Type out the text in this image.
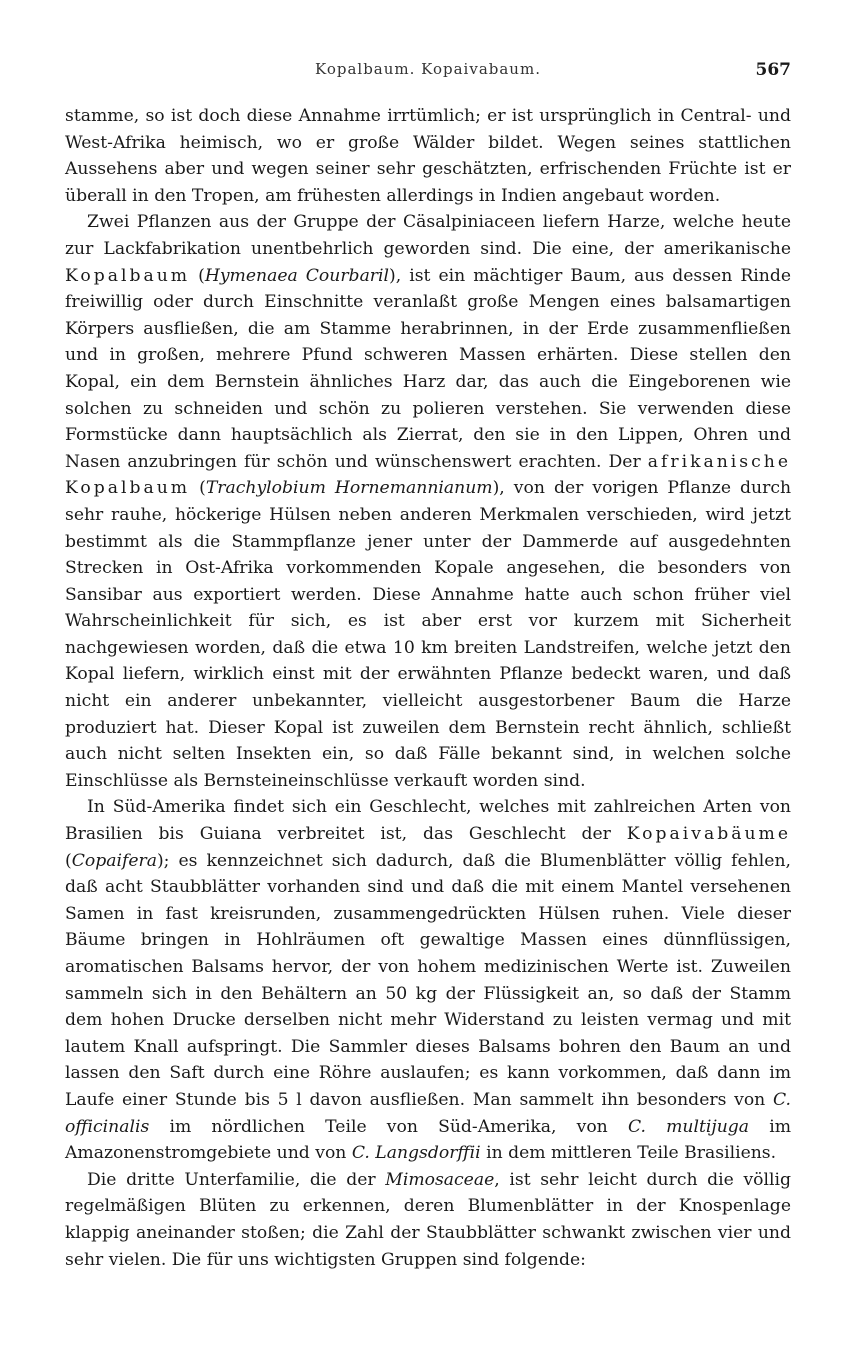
Kopalbaum. Kopaivabaum.	567

stamme, so ist doch diese Annahme irrtümlich; er ist ursprünglich in Central- und West-Afrika heimisch, wo er große Wälder bildet. Wegen seines stattlichen Aussehens aber und wegen seiner sehr geschätzten, erfrischenden Früchte ist er überall in den Tropen, am frühesten allerdings in Indien angebaut worden.

Zwei Pflanzen aus der Gruppe der Cäsalpiniaceen liefern Harze, welche heute zur Lackfabrikation unentbehrlich geworden sind. Die eine, der amerikanische Kopalbaum (Hymenaea Courbaril), ist ein mächtiger Baum, aus dessen Rinde freiwillig oder durch Einschnitte veranlaßt große Mengen eines balsamartigen Körpers ausfließen, die am Stamme herabrinnen, in der Erde zusammenfließen und in großen, mehrere Pfund schweren Massen erhärten. Diese stellen den Kopal, ein dem Bernstein ähnliches Harz dar, das auch die Eingeborenen wie solchen zu schneiden und schön zu polieren verstehen. Sie verwenden diese Formstücke dann hauptsächlich als Zierrat, den sie in den Lippen, Ohren und Nasen anzubringen für schön und wünschenswert erachten. Der afrikanische Kopalbaum (Trachylobium Hornemannianum), von der vorigen Pflanze durch sehr rauhe, höckerige Hülsen neben anderen Merkmalen verschieden, wird jetzt bestimmt als die Stammpflanze jener unter der Dammerde auf ausgedehnten Strecken in Ost-Afrika vorkommenden Kopale angesehen, die besonders von Sansibar aus exportiert werden. Diese Annahme hatte auch schon früher viel Wahrscheinlichkeit für sich, es ist aber erst vor kurzem mit Sicherheit nachgewiesen worden, daß die etwa 10 km breiten Landstreifen, welche jetzt den Kopal liefern, wirklich einst mit der erwähnten Pflanze bedeckt waren, und daß nicht ein anderer unbekannter, vielleicht ausgestorbener Baum die Harze produziert hat. Dieser Kopal ist zuweilen dem Bernstein recht ähnlich, schließt auch nicht selten Insekten ein, so daß Fälle bekannt sind, in welchen solche Einschlüsse als Bernsteineinschlüsse verkauft worden sind.

In Süd-Amerika findet sich ein Geschlecht, welches mit zahlreichen Arten von Brasilien bis Guiana verbreitet ist, das Geschlecht der Kopaivabäume (Copaifera); es kennzeichnet sich dadurch, daß die Blumenblätter völlig fehlen, daß acht Staubblätter vorhanden sind und daß die mit einem Mantel versehenen Samen in fast kreisrunden, zusammengedrückten Hülsen ruhen. Viele dieser Bäume bringen in Hohlräumen oft gewaltige Massen eines dünnflüssigen, aromatischen Balsams hervor, der von hohem medizinischen Werte ist. Zuweilen sammeln sich in den Behältern an 50 kg der Flüssigkeit an, so daß der Stamm dem hohen Drucke derselben nicht mehr Widerstand zu leisten vermag und mit lautem Knall aufspringt. Die Sammler dieses Balsams bohren den Baum an und lassen den Saft durch eine Röhre auslaufen; es kann vorkommen, daß dann im Laufe einer Stunde bis 5 l davon ausfließen. Man sammelt ihn besonders von C. officinalis im nördlichen Teile von Süd-Amerika, von C. multijuga im Amazonenstromgebiete und von C. Langsdorffii in dem mittleren Teile Brasiliens.

Die dritte Unterfamilie, die der Mimosaceae, ist sehr leicht durch die völlig regelmäßigen Blüten zu erkennen, deren Blumenblätter in der Knospenlage klappig aneinander stoßen; die Zahl der Staubblätter schwankt zwischen vier und sehr vielen. Die für uns wichtigsten Gruppen sind folgende:
